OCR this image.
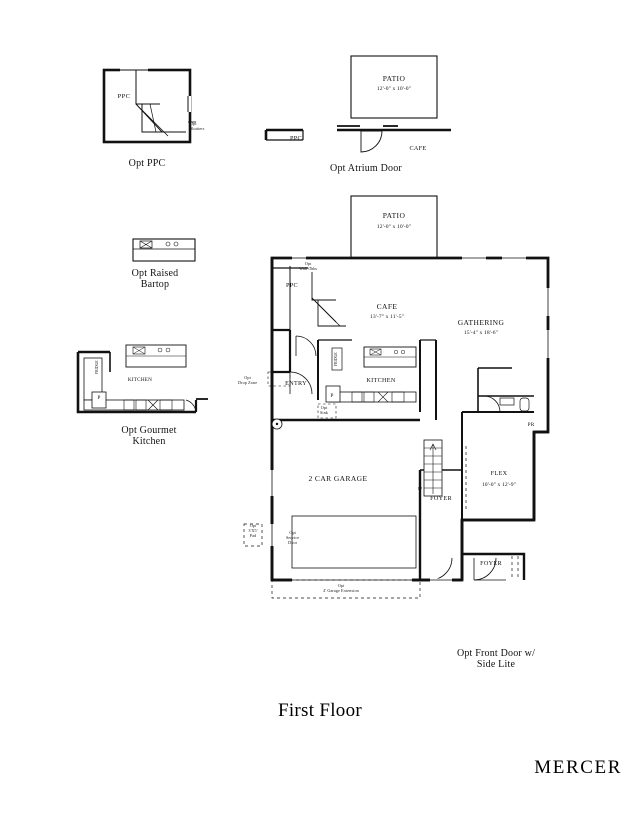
PPC
Opt
Shutters
Opt PPC
PATIO
12'-0" x 10'-0"
PPC
CAFE
Opt Atrium Door
Opt Raised
Bartop
KITCHEN
P
FRIDGE
Opt Gourmet
Kitchen
PATIO
12'-0" x 10'-0"
Opt
Wall Cabs
PPC
CAFE
13'-7" x 11'-5"
GATHERING
15'-4" x 18'-6"
KITCHEN
FRIDGE
P
ENTRY
Opt
Drop Zone
Opt
Sink
PR
FLEX
10'-0" x 12'-9"
FOYER
UP
2 CAR GARAGE
Opt
3'X5'
Pad
Opt
Service
Door
Opt
4' Garage Extension
FOYER
Opt Front Door w/
Side Lite
First Floor
MERCER
